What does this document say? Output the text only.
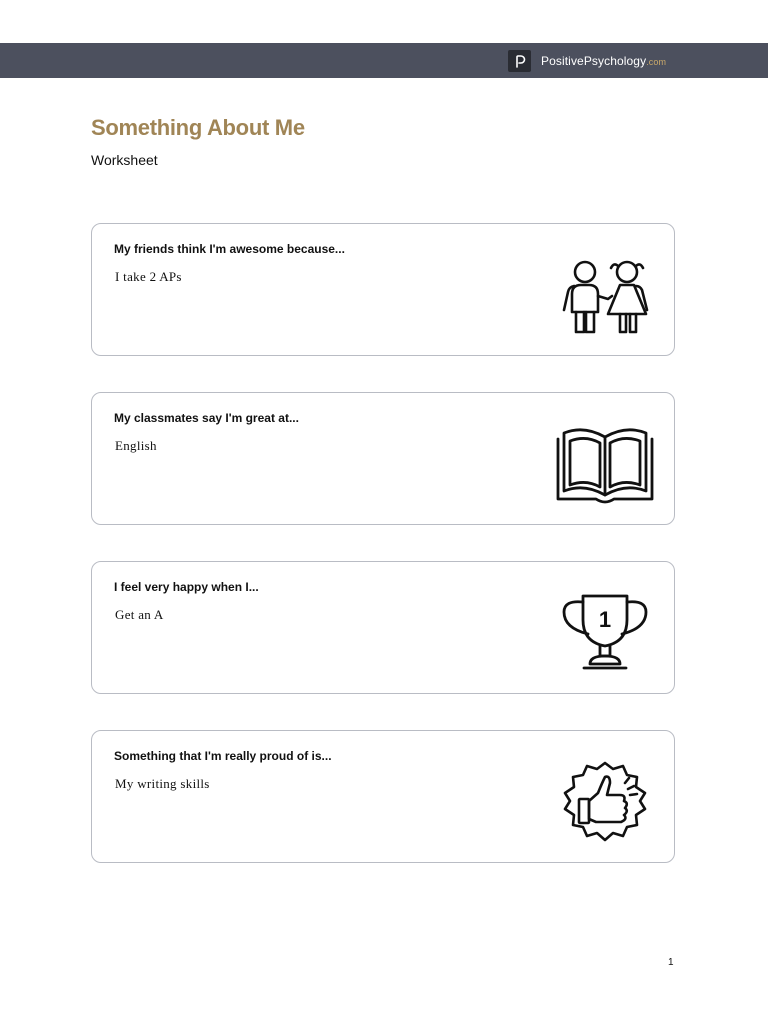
PositivePsychology.com
Something About Me
Worksheet
My friends think I'm awesome because...
I take 2 APs
My classmates say I'm great at...
English
I feel very happy when I...
Get an A	1
Something that I'm really proud of is...
My writing skills
1
